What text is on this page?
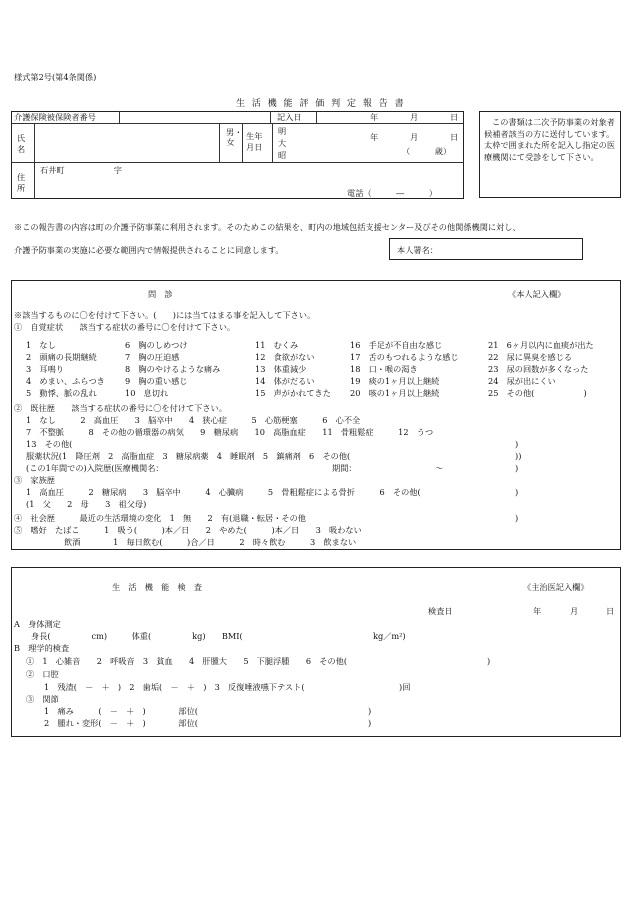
様式第2号(第4条関係)
生 活 機 能 評 価 判 定 報 告 書
介護保険被保険者番号	記入日	年	月	日
氏 名
男・女
生年 月日
明
大
昭
年	月	日
（　　　歳）
住 所
石井町　　　　　　字
電話（　　　―　　　）
この書類は二次予防事業の対象者候補者該当の方に送付しています。太枠で囲まれた所を記入し指定の医療機関にて受診をして下さい。
※この報告書の内容は町の介護予防事業に利用されます。そのためこの結果を、町内の地域包括支援センター及びその他関係機関に対し、
介護予防事業の実施に必要な範囲内で情報提供されることに同意します。	本人署名：
問　診	《本人記入欄》
※該当するものに〇を付けて下さい。(　　)には当てはまる事を記入して下さい。
①　自覚症状　　該当する症状の番号に〇を付けて下さい。
1　なし	6　胸のしめつけ	11　むくみ	16　手足が不自由な感じ	21　6ヶ月以内に血痰が出た
2　頭痛の長期継続	7　胸の圧迫感	12　食欲がない	17　舌のもつれるような感じ	22　尿に異臭を感じる
3　耳鳴り	8　胸のやけるような痛み	13　体重減少	18　口・喉の渇き	23　尿の回数が多くなった
4　めまい、ふらつき 9　胸の重い感じ	14　体がだるい	19　痰の1ヶ月以上継続	24　尿が出にくい
5　動悸、脈の乱れ	10　息切れ	15　声がかれてきた 20　咳の1ヶ月以上継続	25　その他(　　　　　　)
②　既往歴　　該当する症状の番号に〇を付けて下さい。
1　なし　　　2　高血圧　　3　脳卒中　　4　狭心症　　　5　心筋梗塞　　　6　心不全
7　不整脈　　　8　その他の循環器の病気　　9　糖尿病　　10　高脂血症　　11　骨粗鬆症　　　12　うつ
13　その他(	)
服薬状況(1　降圧剤　2　高脂血症　3　糖尿病薬　4　睡眠剤　5　鎮痛剤　6　その他(	))
(この1年間での)入院歴(医療機関名：	期間：	〜	)
③　家族歴
1　高血圧　　　2　糖尿病　　3　脳卒中　　　4　心臓病　　　5　骨粗鬆症による骨折　　　6　その他(	)
(1　父　　2　母　　3　祖父母)
④　社会歴　　　最近の生活環境の変化　1　無　　2　有(退職・転居・その他	)
⑤　嗜好　たばこ　　　1　吸う(　　　)本／日　　2　やめた(　　　)本／日　　3　吸わない
飲酒　　　　1　毎日飲む(　　　)合／日　　　2　時々飲む　　　3　飲まない
生　活　機　能　検　査	《主治医記入欄》
検査日	年	月	日
A　身体測定
身長(　　　　　cm)　　　体重(　　　　　kg)　　BMI(	kg／m²)
B　理学的検査
①　1　心雑音　　2　呼吸音　3　貧血　　4　肝腫大　　5　下腿浮腫　　6　その他(	)
②　口腔
1　残渣(　－　＋　)　2　歯垢(　－　＋　)　3　反復唾液嚥下テスト(	)回
③　関節
1　痛み　　　(　－　＋　)　　　　部位(	)
2　腫れ・変形(　－　＋　)　　　　部位(	)
